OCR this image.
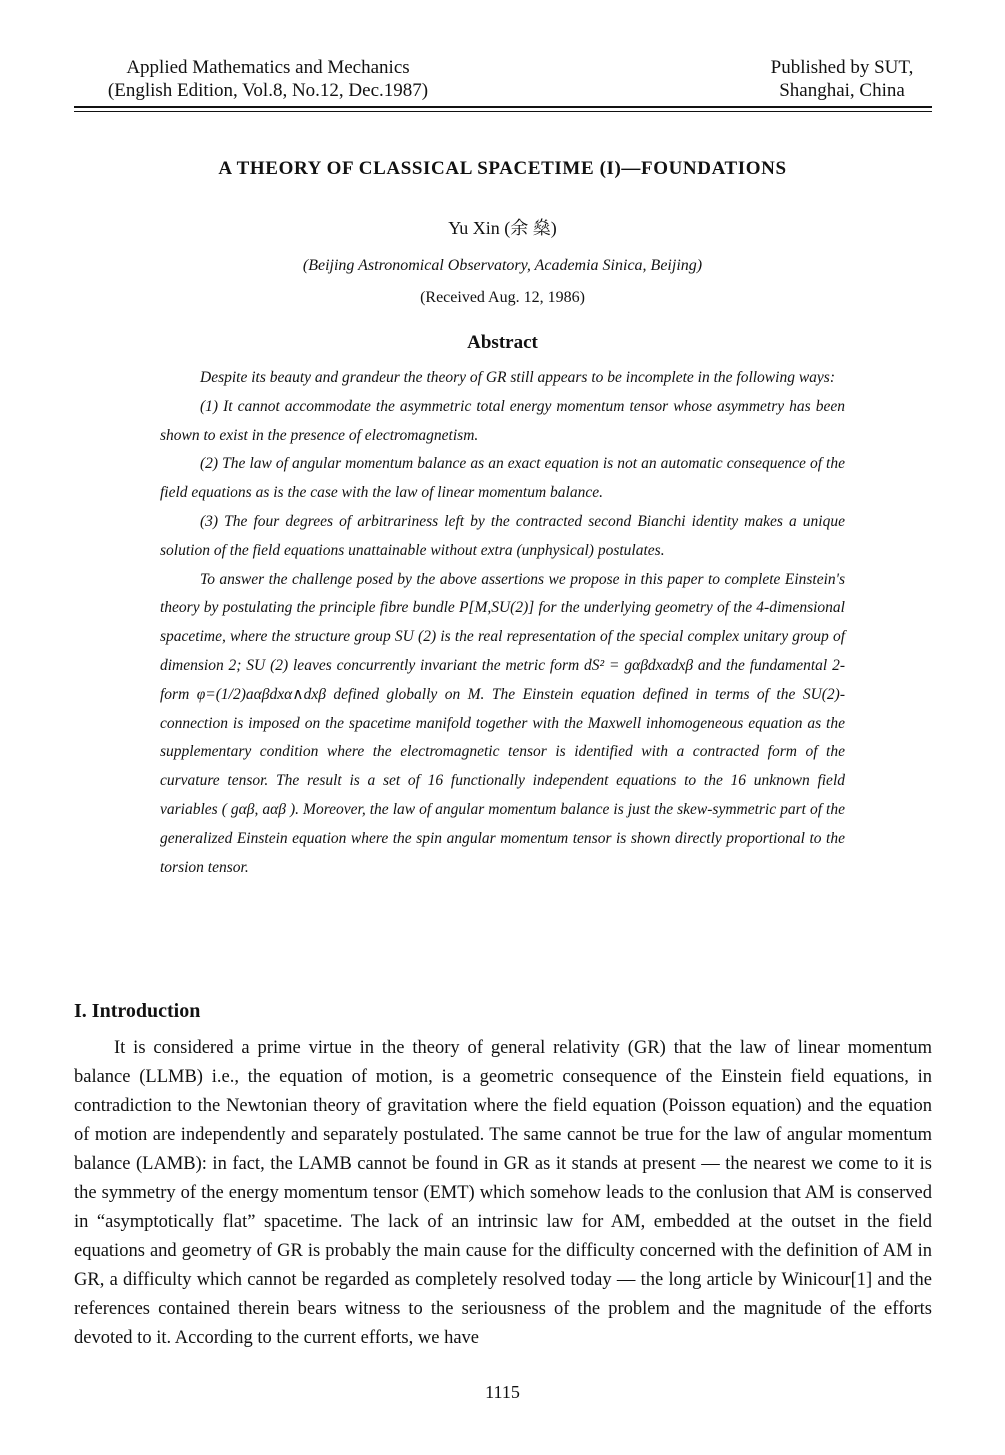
Applied Mathematics and Mechanics
(English Edition, Vol.8, No.12, Dec.1987)
Published by SUT,
Shanghai, China
A THEORY OF CLASSICAL SPACETIME (I)—FOUNDATIONS
Yu Xin (余 燊)
(Beijing Astronomical Observatory, Academia Sinica, Beijing)
(Received Aug. 12, 1986)
Abstract

Despite its beauty and grandeur the theory of GR still appears to be incomplete in the following ways:

(1) It cannot accommodate the asymmetric total energy momentum tensor whose asymmetry has been shown to exist in the presence of electromagnetism.

(2) The law of angular momentum balance as an exact equation is not an automatic consequence of the field equations as is the case with the law of linear momentum balance.

(3) The four degrees of arbitrariness left by the contracted second Bianchi identity makes a unique solution of the field equations unattainable without extra (unphysical) postulates.

To answer the challenge posed by the above assertions we propose in this paper to complete Einstein's theory by postulating the principle fibre bundle P[M,SU(2)] for the underlying geometry of the 4-dimensional spacetime, where the structure group SU (2) is the real representation of the special complex unitary group of dimension 2; SU (2) leaves concurrently invariant the metric form dS² = gαβdxαdxβ and the fundamental 2-form φ=(1/2)aαβdxα∧dxβ defined globally on M. The Einstein equation defined in terms of the SU(2)-connection is imposed on the spacetime manifold together with the Maxwell inhomogeneous equation as the supplementary condition where the electromagnetic tensor is identified with a contracted form of the curvature tensor. The result is a set of 16 functionally independent equations to the 16 unknown field variables ( gαβ, aαβ ). Moreover, the law of angular momentum balance is just the skew-symmetric part of the generalized Einstein equation where the spin angular momentum tensor is shown directly proportional to the torsion tensor.

I. Introduction

It is considered a prime virtue in the theory of general relativity (GR) that the law of linear momentum balance (LLMB) i.e., the equation of motion, is a geometric consequence of the Einstein field equations, in contradiction to the Newtonian theory of gravitation where the field equation (Poisson equation) and the equation of motion are independently and separately postulated. The same cannot be true for the law of angular momentum balance (LAMB): in fact, the LAMB cannot be found in GR as it stands at present — the nearest we come to it is the symmetry of the energy momentum tensor (EMT) which somehow leads to the conlusion that AM is conserved in “asymptotically flat” spacetime. The lack of an intrinsic law for AM, embedded at the outset in the field equations and geometry of GR is probably the main cause for the difficulty concerned with the definition of AM in GR, a difficulty which cannot be regarded as completely resolved today — the long article by Winicour[1] and the references contained therein bears witness to the seriousness of the problem and the magnitude of the efforts devoted to it. According to the current efforts, we have

1115
